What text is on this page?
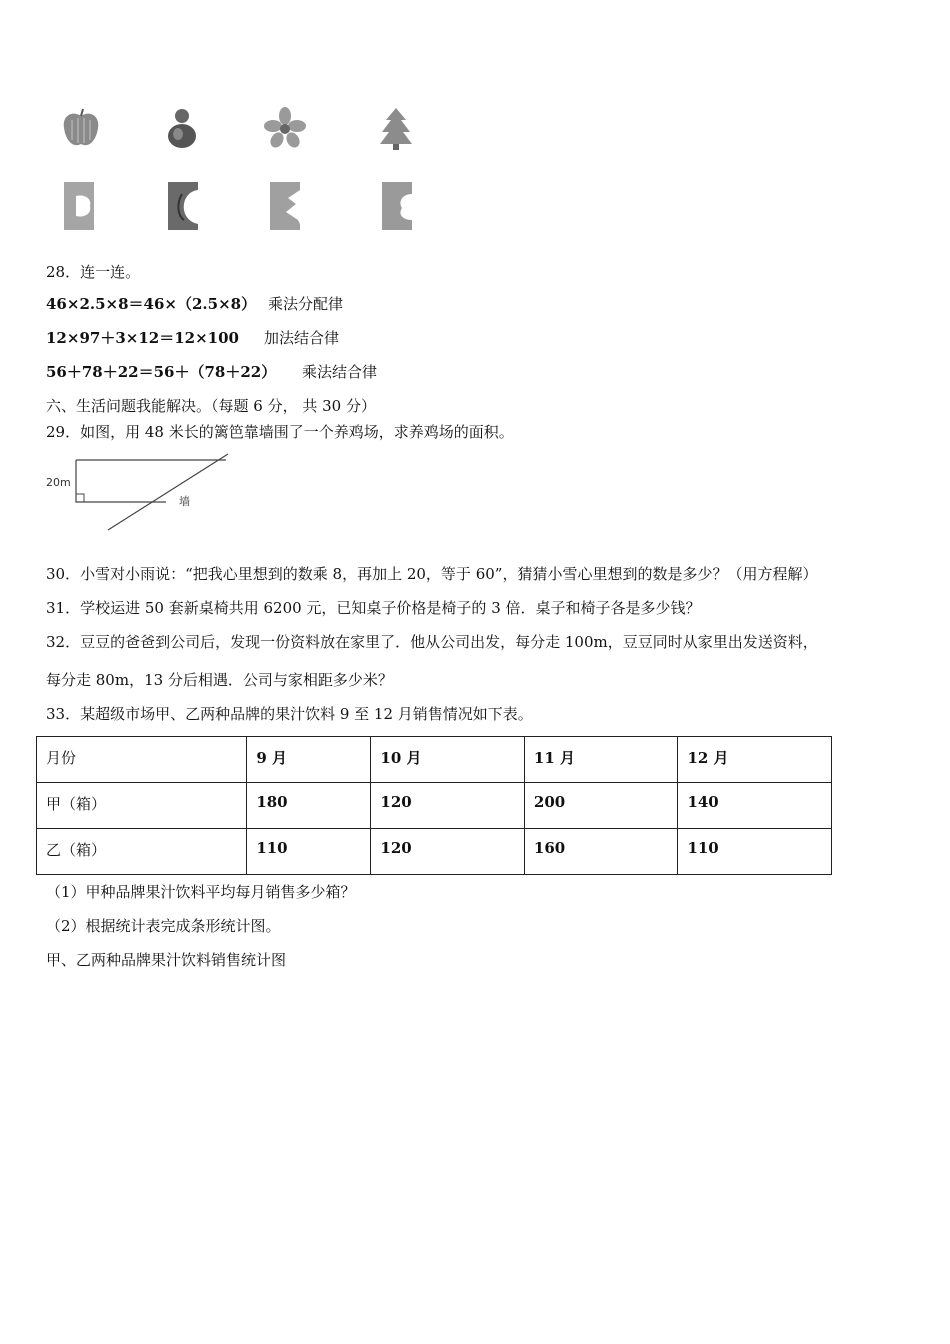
28．连一连。
46×2.5×8＝46×（2.5×8） 乘法分配律
12×97＋3×12＝12×100 加法结合律
56＋78＋22＝56＋（78＋22） 乘法结合律
六、生活问题我能解决。（每题 6 分， 共 30 分）
29．如图，用 48 米长的篱笆靠墙围了一个养鸡场，求养鸡场的面积。
20m
墙
30．小雪对小雨说：“把我心里想到的数乘 8，再加上 20，等于 60”，猜猜小雪心里想到的数是多少？（用方程解）
31．学校运进 50 套新桌椅共用 6200 元，已知桌子价格是椅子的 3 倍．桌子和椅子各是多少钱？
32．豆豆的爸爸到公司后，发现一份资料放在家里了．他从公司出发，每分走 100m，豆豆同时从家里出发送资料，
每分走 80m，13 分后相遇．公司与家相距多少米？
33．某超级市场甲、乙两种品牌的果汁饮料 9 至 12 月销售情况如下表。
月份	9 月	10 月	11 月	12 月
甲（箱）	180	120	200	140
乙（箱）	110	120	160	110
（1）甲种品牌果汁饮料平均每月销售多少箱？
（2）根据统计表完成条形统计图。
甲、乙两种品牌果汁饮料销售统计图
